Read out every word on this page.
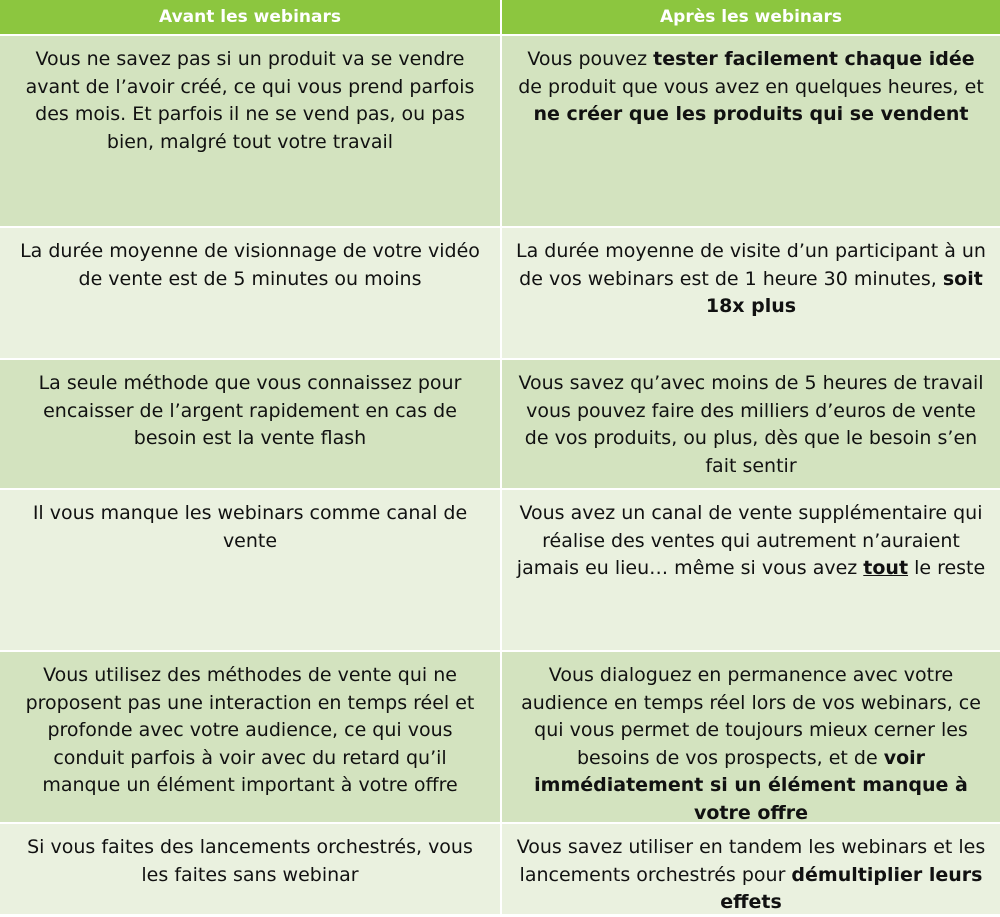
Avant les webinars	Après les webinars
Vous ne savez pas si un produit va se vendre avant de l’avoir créé, ce qui vous prend parfois des mois. Et parfois il ne se vend pas, ou pas bien, malgré tout votre travail
Vous pouvez tester facilement chaque idée de produit que vous avez en quelques heures, et ne créer que les produits qui se vendent
La durée moyenne de visionnage de votre vidéo de vente est de 5 minutes ou moins
La durée moyenne de visite d’un participant à un de vos webinars est de 1 heure 30 minutes, soit 18x plus
La seule méthode que vous connaissez pour encaisser de l’argent rapidement en cas de besoin est la vente flash
Vous savez qu’avec moins de 5 heures de travail vous pouvez faire des milliers d’euros de vente de vos produits, ou plus, dès que le besoin s’en fait sentir
Il vous manque les webinars comme canal de vente
Vous avez un canal de vente supplémentaire qui réalise des ventes qui autrement n’auraient jamais eu lieu… même si vous avez tout le reste
Vous utilisez des méthodes de vente qui ne proposent pas une interaction en temps réel et profonde avec votre audience, ce qui vous conduit parfois à voir avec du retard qu’il manque un élément important à votre offre
Vous dialoguez en permanence avec votre audience en temps réel lors de vos webinars, ce qui vous permet de toujours mieux cerner les besoins de vos prospects, et de voir immédiatement si un élément manque à votre offre
Si vous faites des lancements orchestrés, vous les faites sans webinar
Vous savez utiliser en tandem les webinars et les lancements orchestrés pour démultiplier leurs effets
